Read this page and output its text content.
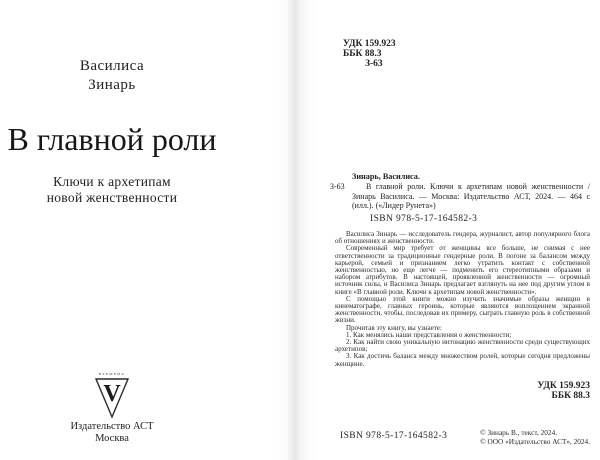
Василиса
Зинарь
В главной роли
Ключи к архетипам
новой женственности
ВРЕМЕНА
V
Издательство АСТ
Москва
УДК 159.923
ББК 88.3
З-63
Зинарь, Василиса.
З-63	В главной роли. Ключи к архетипам новой женственности / Зинарь Василиса. — Москва: Издательство АСТ, 2024. — 464 с (илл.). («Лидер Рунета»)

ISBN 978-5-17-164582-3

Василиса Зинарь — исследователь гендера, журналист, автор популярного блога об отношениях и женственности.

Современный мир требует от женщины все больше, не снимая с нее ответственности за традиционные гендерные роли. В погоне за балансом между карьерой, семьей и признанием легко утратить контакт с собственной женственностью, но еще легче — подменить его стереотипными образами и набором атрибутов. В настоящей, проявленной женственности — огромный источник силы, и Василиса Зинарь предлагает взглянуть на нее под другим углом в книге «В главной роли. Ключи к архетипам новой женственности».

С помощью этой книги можно изучить значимые образы женщин в кинематографе, главных героинь, которые являются воплощением экранной женственности, чтобы, последовав их примеру, сыграть главную роль в собственной жизни.

Прочитав эту книгу, вы узнаете:

1. Как менялись наши представления о женственности;

2. Как найти свою уникальную интонацию женственности среди существующих архетипов;

3. Как достичь баланса между множеством ролей, которые сегодня предложены женщине.

УДК 159.923
ББК 88.3
ISBN 978-5-17-164582-3	© Зинарь В., текст, 2024.
© ООО «Издательство АСТ», 2024.
